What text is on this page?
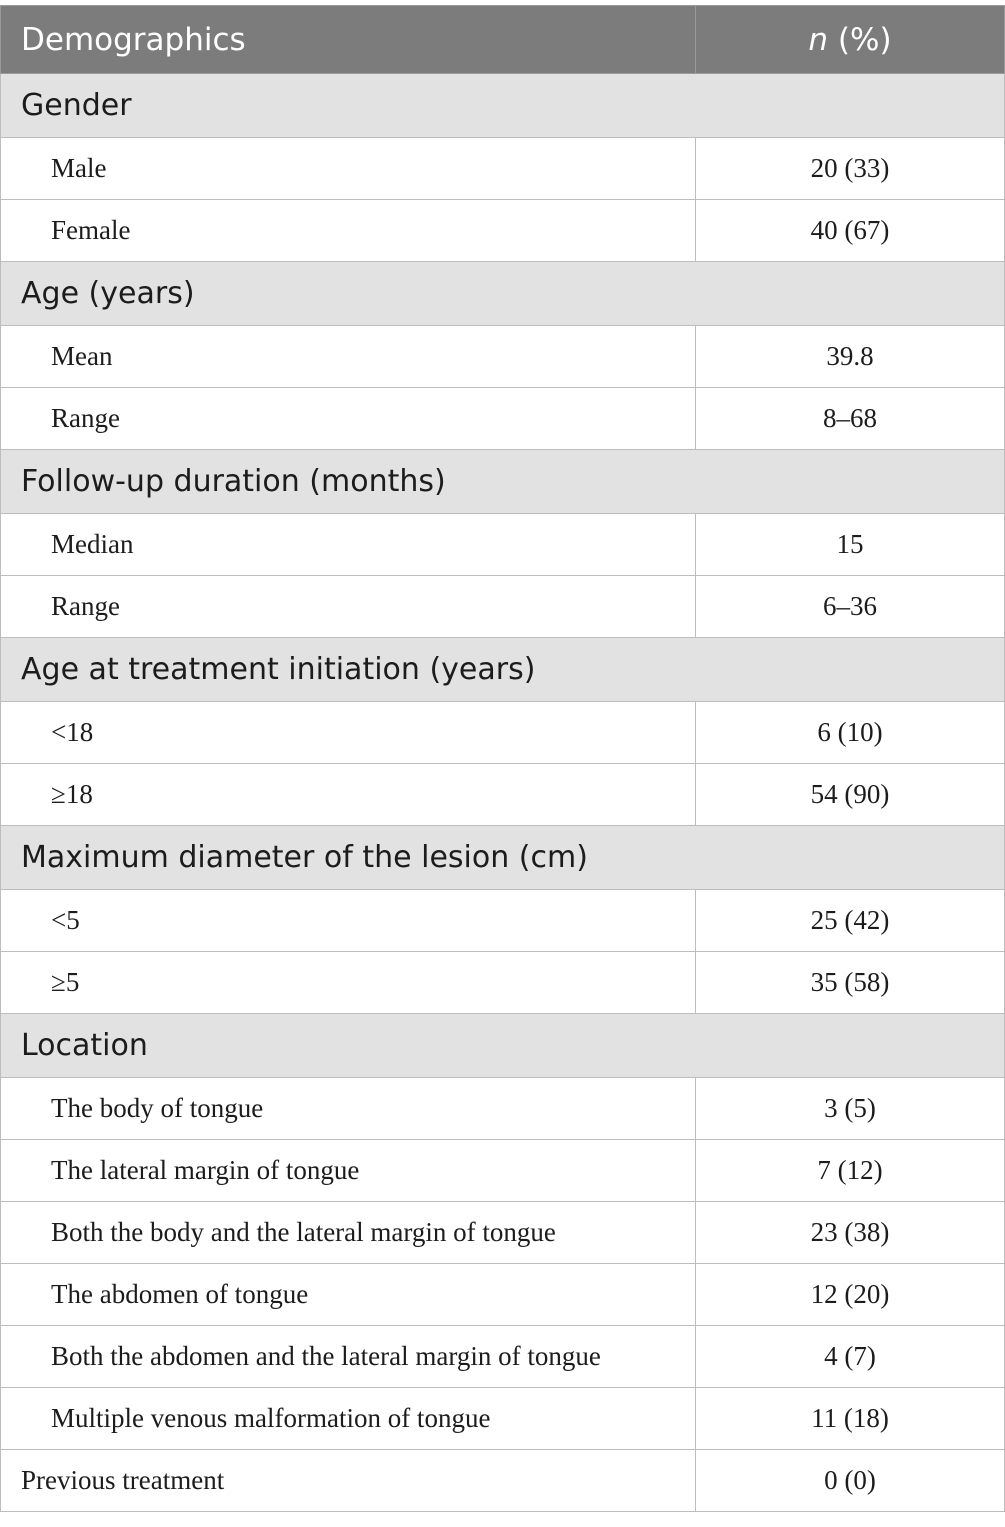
Demographics	n (%)
Gender	
Male	20 (33)
Female	40 (67)
Age (years)	
Mean	39.8
Range	8–68
Follow-up duration (months)	
Median	15
Range	6–36
Age at treatment initiation (years)	
<18	6 (10)
≥18	54 (90)
Maximum diameter of the lesion (cm)	
<5	25 (42)
≥5	35 (58)
Location	
The body of tongue	3 (5)
The lateral margin of tongue	7 (12)
Both the body and the lateral margin of tongue	23 (38)
The abdomen of tongue	12 (20)
Both the abdomen and the lateral margin of tongue	4 (7)
Multiple venous malformation of tongue	11 (18)
Previous treatment	0 (0)
